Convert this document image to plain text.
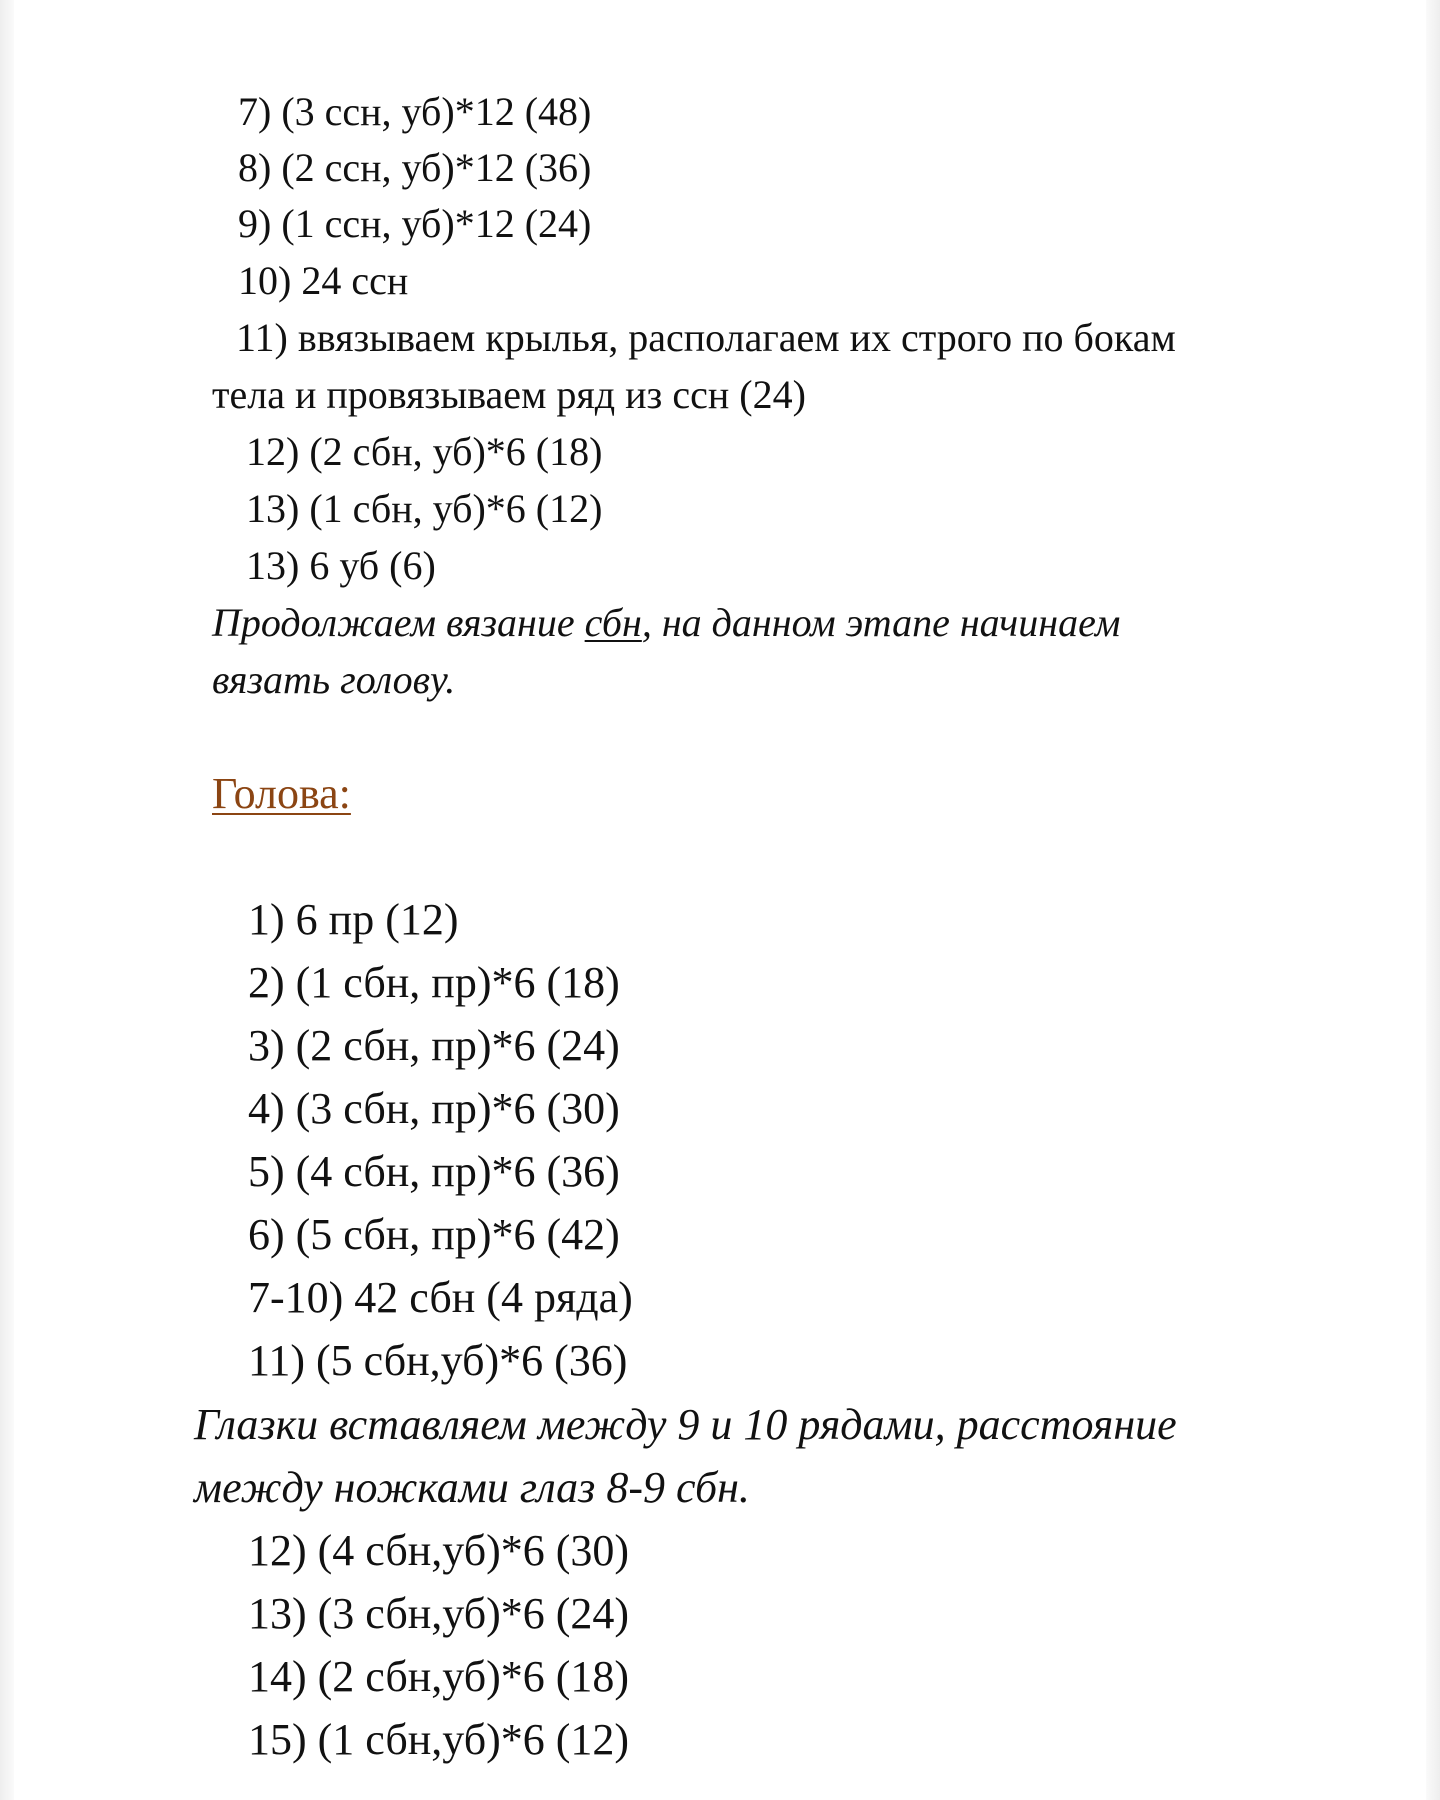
7) (3 ссн, уб)*12 (48)
8) (2 ссн, уб)*12 (36)
9) (1 ссн, уб)*12 (24)
10) 24 ссн
11) ввязываем крылья, располагаем их строго по бокам
тела и провязываем ряд из ссн (24)
12) (2 сбн, уб)*6 (18)
13) (1 сбн, уб)*6 (12)
13) 6 уб (6)
Продолжаем вязание сбн, на данном этапе начинаем
вязать голову.
Голова:
1) 6 пр (12)
2) (1 сбн, пр)*6 (18)
3) (2 сбн, пр)*6 (24)
4) (3 сбн, пр)*6 (30)
5) (4 сбн, пр)*6 (36)
6) (5 сбн, пр)*6 (42)
7-10) 42 сбн (4 ряда)
11) (5 сбн,уб)*6 (36)
Глазки вставляем между 9 и 10 рядами, расстояние
между ножками глаз 8-9 сбн.
12) (4 сбн,уб)*6 (30)
13) (3 сбн,уб)*6 (24)
14) (2 сбн,уб)*6 (18)
15) (1 сбн,уб)*6 (12)
